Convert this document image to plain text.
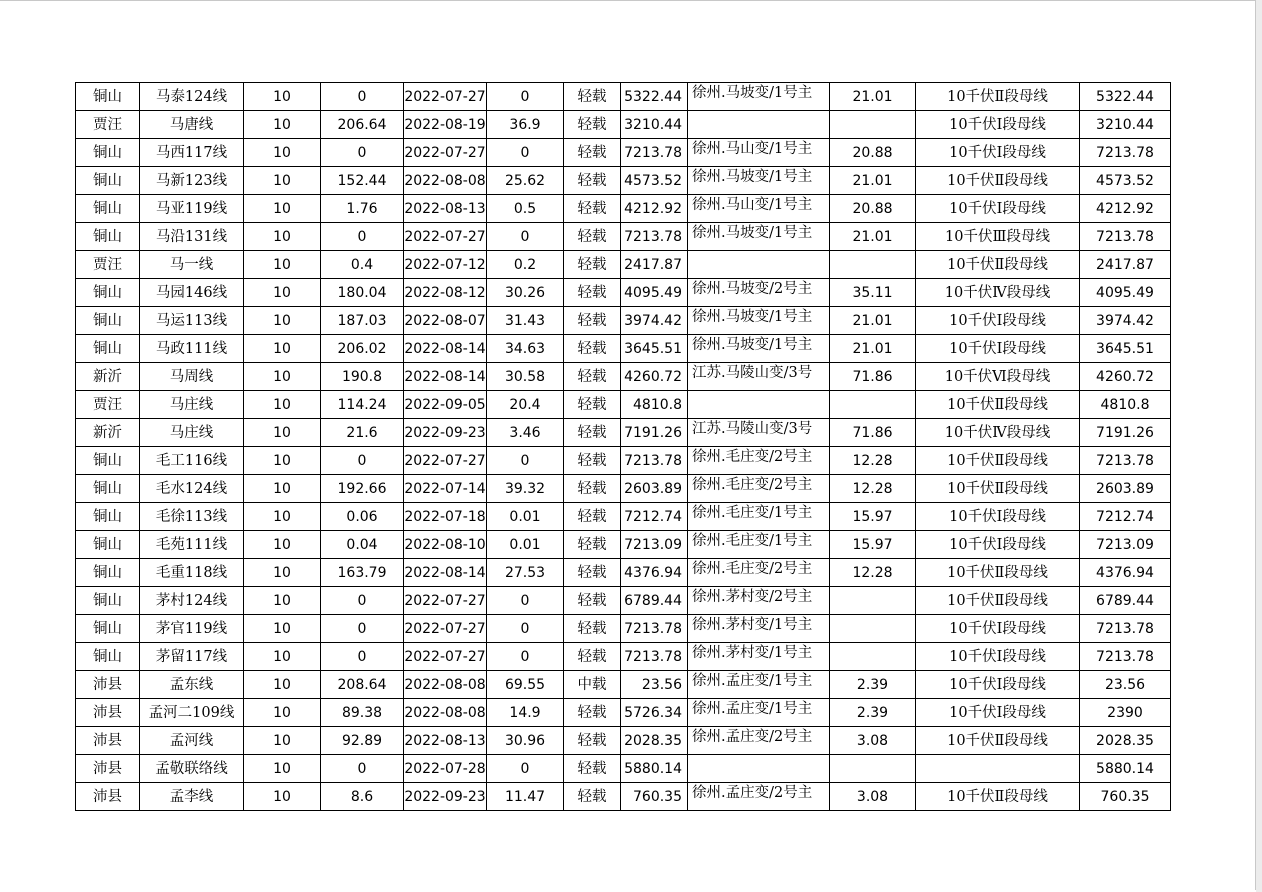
铜山	马泰124线	10	0	2022-07-27	0	轻载	5322.44	徐州.马坡变/1号主	21.01	10千伏Ⅱ段母线	5322.44
贾汪	马唐线	10	206.64	2022-08-19	36.9	轻载	3210.44			10千伏Ⅰ段母线	3210.44
铜山	马西117线	10	0	2022-07-27	0	轻载	7213.78	徐州.马山变/1号主	20.88	10千伏Ⅰ段母线	7213.78
铜山	马新123线	10	152.44	2022-08-08	25.62	轻载	4573.52	徐州.马坡变/1号主	21.01	10千伏Ⅱ段母线	4573.52
铜山	马亚119线	10	1.76	2022-08-13	0.5	轻载	4212.92	徐州.马山变/1号主	20.88	10千伏Ⅰ段母线	4212.92
铜山	马沿131线	10	0	2022-07-27	0	轻载	7213.78	徐州.马坡变/1号主	21.01	10千伏Ⅲ段母线	7213.78
贾汪	马一线	10	0.4	2022-07-12	0.2	轻载	2417.87			10千伏Ⅱ段母线	2417.87
铜山	马园146线	10	180.04	2022-08-12	30.26	轻载	4095.49	徐州.马坡变/2号主	35.11	10千伏Ⅳ段母线	4095.49
铜山	马运113线	10	187.03	2022-08-07	31.43	轻载	3974.42	徐州.马坡变/1号主	21.01	10千伏Ⅰ段母线	3974.42
铜山	马政111线	10	206.02	2022-08-14	34.63	轻载	3645.51	徐州.马坡变/1号主	21.01	10千伏Ⅰ段母线	3645.51
新沂	马周线	10	190.8	2022-08-14	30.58	轻载	4260.72	江苏.马陵山变/3号	71.86	10千伏Ⅵ段母线	4260.72
贾汪	马庄线	10	114.24	2022-09-05	20.4	轻载	4810.8			10千伏Ⅱ段母线	4810.8
新沂	马庄线	10	21.6	2022-09-23	3.46	轻载	7191.26	江苏.马陵山变/3号	71.86	10千伏Ⅳ段母线	7191.26
铜山	毛工116线	10	0	2022-07-27	0	轻载	7213.78	徐州.毛庄变/2号主	12.28	10千伏Ⅱ段母线	7213.78
铜山	毛水124线	10	192.66	2022-07-14	39.32	轻载	2603.89	徐州.毛庄变/2号主	12.28	10千伏Ⅱ段母线	2603.89
铜山	毛徐113线	10	0.06	2022-07-18	0.01	轻载	7212.74	徐州.毛庄变/1号主	15.97	10千伏Ⅰ段母线	7212.74
铜山	毛苑111线	10	0.04	2022-08-10	0.01	轻载	7213.09	徐州.毛庄变/1号主	15.97	10千伏Ⅰ段母线	7213.09
铜山	毛重118线	10	163.79	2022-08-14	27.53	轻载	4376.94	徐州.毛庄变/2号主	12.28	10千伏Ⅱ段母线	4376.94
铜山	茅村124线	10	0	2022-07-27	0	轻载	6789.44	徐州.茅村变/2号主		10千伏Ⅱ段母线	6789.44
铜山	茅官119线	10	0	2022-07-27	0	轻载	7213.78	徐州.茅村变/1号主		10千伏Ⅰ段母线	7213.78
铜山	茅留117线	10	0	2022-07-27	0	轻载	7213.78	徐州.茅村变/1号主		10千伏Ⅰ段母线	7213.78
沛县	孟东线	10	208.64	2022-08-08	69.55	中载	23.56	徐州.孟庄变/1号主	2.39	10千伏Ⅰ段母线	23.56
沛县	孟河二109线	10	89.38	2022-08-08	14.9	轻载	5726.34	徐州.孟庄变/1号主	2.39	10千伏Ⅰ段母线	2390
沛县	孟河线	10	92.89	2022-08-13	30.96	轻载	2028.35	徐州.孟庄变/2号主	3.08	10千伏Ⅱ段母线	2028.35
沛县	孟敬联络线	10	0	2022-07-28	0	轻载	5880.14				5880.14
沛县	孟李线	10	8.6	2022-09-23	11.47	轻载	760.35	徐州.孟庄变/2号主	3.08	10千伏Ⅱ段母线	760.35
